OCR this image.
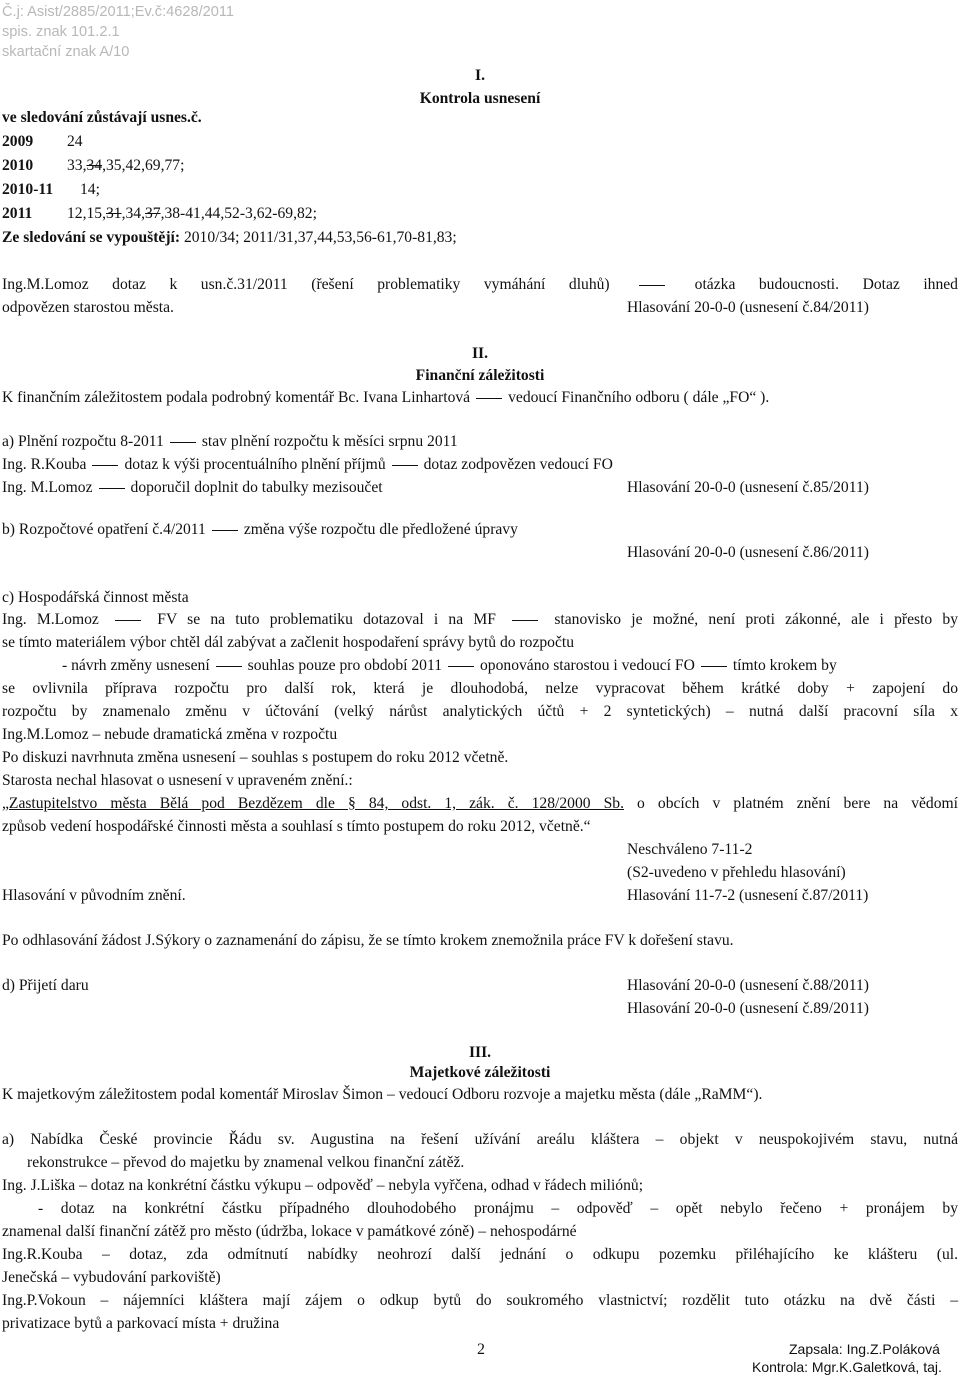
Č.j: Asist/2885/2011;Ev.č:4628/2011
spis. znak 101.2.1
skartační znak A/10
I.
Kontrola usnesení
ve sledování zůstávají usnes.č.
2009 24
2010 33,34,35,42,69,77;
2010-11 14;
2011 12,15,31,34,37,38-41,44,52-3,62-69,82;
Ze sledování se vypouštějí: 2010/34; 2011/31,37,44,53,56-61,70-81,83;
Ing.M.Lomoz dotaz k usn.č.31/2011 (řešení problematiky vymáhání dluhů)	otázka budoucnosti. Dotaz ihned
odpovězen starostou města.	Hlasování 20-0-0 (usnesení č.84/2011)
II.
Finanční záležitosti
K finančním záležitostem podala podrobný komentář Bc. Ivana Linhartová vedoucí Finančního odboru ( dále „FO“ ).
a) Plnění rozpočtu 8-2011 stav plnění rozpočtu k měsíci srpnu 2011
Ing. R.Kouba dotaz k výši procentuálního plnění příjmů dotaz zodpovězen vedoucí FO
Ing. M.Lomoz doporučil doplnit do tabulky mezisoučet	Hlasování 20-0-0 (usnesení č.85/2011)
b) Rozpočtové opatření č.4/2011 změna výše rozpočtu dle předložené úpravy
Hlasování 20-0-0 (usnesení č.86/2011)
c) Hospodářská činnost města
Ing. M.Lomoz	FV se na tuto problematiku dotazoval i na MF	stanovisko je možné, není proti zákonné, ale i přesto by
se tímto materiálem výbor chtěl dál zabývat a začlenit hospodaření správy bytů do rozpočtu
- návrh změny usnesení souhlas pouze pro období 2011 oponováno starostou i vedoucí FO tímto krokem by
se ovlivnila příprava rozpočtu pro další rok, která je dlouhodobá, nelze vypracovat během krátké doby + zapojení do
rozpočtu by znamenalo změnu v účtování (velký nárůst analytických účtů + 2 syntetických) – nutná další pracovní síla x
Ing.M.Lomoz – nebude dramatická změna v rozpočtu
Po diskuzi navrhnuta změna usnesení – souhlas s postupem do roku 2012 včetně.
Starosta nechal hlasovat o usnesení v upraveném znění.:
„Zastupitelstvo města Bělá pod Bezdězem dle § 84, odst. 1, zák. č. 128/2000 Sb. o obcích v platném znění bere na vědomí
způsob vedení hospodářské činnosti města a souhlasí s tímto postupem do roku 2012, včetně.“
Neschváleno 7-11-2
(S2-uvedeno v přehledu hlasování)
Hlasování v původním znění.	Hlasování 11-7-2 (usnesení č.87/2011)
Po odhlasování žádost J.Sýkory o zaznamenání do zápisu, že se tímto krokem znemožnila práce FV k dořešení stavu.
d) Přijetí daru	Hlasování 20-0-0 (usnesení č.88/2011)
Hlasování 20-0-0 (usnesení č.89/2011)
III.
Majetkové záležitosti
K majetkovým záležitostem podal komentář Miroslav Šimon – vedoucí Odboru rozvoje a majetku města (dále „RaMM“).
a) Nabídka České provincie Řádu sv. Augustina na řešení užívání areálu kláštera – objekt v neuspokojivém stavu, nutná
rekonstrukce – převod do majetku by znamenal velkou finanční zátěž.
Ing. J.Liška – dotaz na konkrétní částku výkupu – odpověď – nebyla vyřčena, odhad v řádech miliónů;
- dotaz na konkrétní částku případného dlouhodobého pronájmu – odpověď – opět nebylo řečeno + pronájem by
znamenal další finanční zátěž pro město (údržba, lokace v památkové zóně) – nehospodárné
Ing.R.Kouba – dotaz, zda odmítnutí nabídky neohrozí další jednání o odkupu pozemku přiléhajícího ke klášteru (ul.
Jenečská – vybudování parkoviště)
Ing.P.Vokoun – nájemníci kláštera mají zájem o odkup bytů do soukromého vlastnictví; rozdělit tuto otázku na dvě části –
privatizace bytů a parkovací místa + družina
2	Zapsala: Ing.Z.Poláková
Kontrola: Mgr.K.Galetková, taj.
